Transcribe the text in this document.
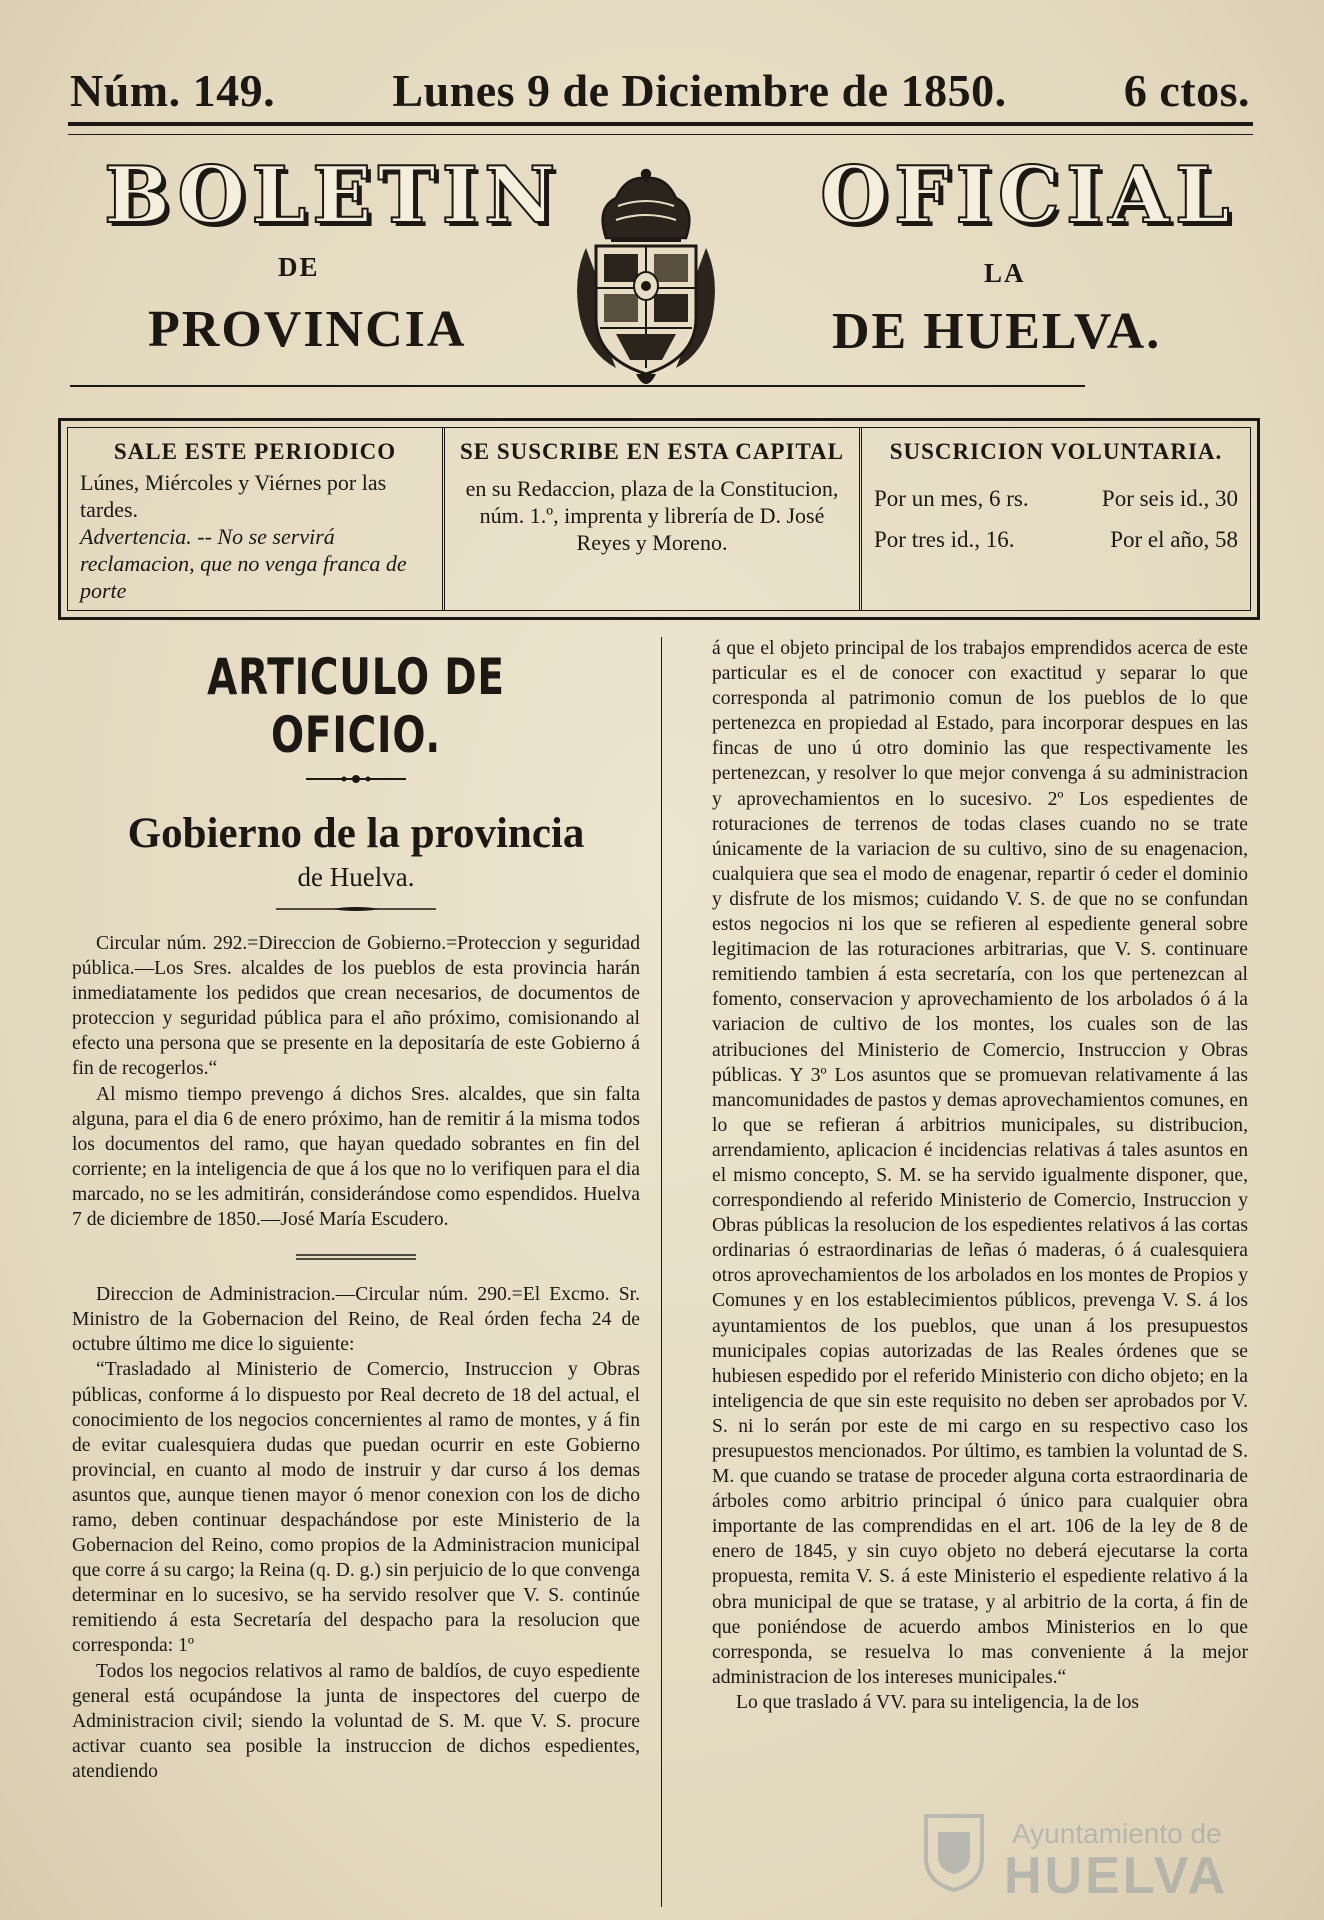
Núm. 149.	Lunes 9 de Diciembre de 1850.	6 ctos.
BOLETIN	OFICIAL
DE	LA
PROVINCIA	DE HUELVA.
SALE ESTE PERIODICO
Lúnes, Miércoles y Viérnes por las tardes.
Advertencia. -- No se servirá reclamacion, que no venga franca de porte
SE SUSCRIBE EN ESTA CAPITAL
en su Redaccion, plaza de la Constitucion, núm. 1.º, imprenta y librería de D. José Reyes y Moreno.
SUSCRICION VOLUNTARIA.
Por un mes, 6 rs.	Por seis id., 30
Por tres id., 16.	Por el año, 58
ARTICULO DE OFICIO.
Gobierno de la provincia
de Huelva.

Circular núm. 292.=Direccion de Gobierno.=Proteccion y seguridad pública.—Los Sres. alcaldes de los pueblos de esta provincia harán inmediatamente los pedidos que crean necesarios, de documentos de proteccion y seguridad pública para el año próximo, comisionando al efecto una persona que se presente en la depositaría de este Gobierno á fin de recogerlos.“

Al mismo tiempo prevengo á dichos Sres. alcaldes, que sin falta alguna, para el dia 6 de enero próximo, han de remitir á la misma todos los documentos del ramo, que hayan quedado sobrantes en fin del corriente; en la inteligencia de que á los que no lo verifiquen para el dia marcado, no se les admitirán, considerándose como espendidos. Huelva 7 de diciembre de 1850.—José María Escudero.

Direccion de Administracion.—Circular núm. 290.=El Excmo. Sr. Ministro de la Gobernacion del Reino, de Real órden fecha 24 de octubre último me dice lo siguiente:

“Trasladado al Ministerio de Comercio, Instruccion y Obras públicas, conforme á lo dispuesto por Real decreto de 18 del actual, el conocimiento de los negocios concernientes al ramo de montes, y á fin de evitar cualesquiera dudas que puedan ocurrir en este Gobierno provincial, en cuanto al modo de instruir y dar curso á los demas asuntos que, aunque tienen mayor ó menor conexion con los de dicho ramo, deben continuar despachándose por este Ministerio de la Gobernacion del Reino, como propios de la Administracion municipal que corre á su cargo; la Reina (q. D. g.) sin perjuicio de lo que convenga determinar en lo sucesivo, se ha servido resolver que V. S. continúe remitiendo á esta Secretaría del despacho para la resolucion que corresponda: 1º

Todos los negocios relativos al ramo de baldíos, de cuyo espediente general está ocupándose la junta de inspectores del cuerpo de Administracion civil; siendo la voluntad de S. M. que V. S. procure activar cuanto sea posible la instruccion de dichos espedientes, atendiendo

á que el objeto principal de los trabajos emprendidos acerca de este particular es el de conocer con exactitud y separar lo que corresponda al patrimonio comun de los pueblos de lo que pertenezca en propiedad al Estado, para incorporar despues en las fincas de uno ú otro dominio las que respectivamente les pertenezcan, y resolver lo que mejor convenga á su administracion y aprovechamientos en lo sucesivo. 2º Los espedientes de roturaciones de terrenos de todas clases cuando no se trate únicamente de la variacion de su cultivo, sino de su enagenacion, cualquiera que sea el modo de enagenar, repartir ó ceder el dominio y disfrute de los mismos; cuidando V. S. de que no se confundan estos negocios ni los que se refieren al espediente general sobre legitimacion de las roturaciones arbitrarias, que V. S. continuare remitiendo tambien á esta secretaría, con los que pertenezcan al fomento, conservacion y aprovechamiento de los arbolados ó á la variacion de cultivo de los montes, los cuales son de las atribuciones del Ministerio de Comercio, Instruccion y Obras públicas. Y 3º Los asuntos que se promuevan relativamente á las mancomunidades de pastos y demas aprovechamientos comunes, en lo que se refieran á arbitrios municipales, su distribucion, arrendamiento, aplicacion é incidencias relativas á tales asuntos en el mismo concepto, S. M. se ha servido igualmente disponer, que, correspondiendo al referido Ministerio de Comercio, Instruccion y Obras públicas la resolucion de los espedientes relativos á las cortas ordinarias ó estraordinarias de leñas ó maderas, ó á cualesquiera otros aprovechamientos de los arbolados en los montes de Propios y Comunes y en los establecimientos públicos, prevenga V. S. á los ayuntamientos de los pueblos, que unan á los presupuestos municipales copias autorizadas de las Reales órdenes que se hubiesen espedido por el referido Ministerio con dicho objeto; en la inteligencia de que sin este requisito no deben ser aprobados por V. S. ni lo serán por este de mi cargo en su respectivo caso los presupuestos mencionados. Por último, es tambien la voluntad de S. M. que cuando se tratase de proceder alguna corta estraordinaria de árboles como arbitrio principal ó único para cualquier obra importante de las comprendidas en el art. 106 de la ley de 8 de enero de 1845, y sin cuyo objeto no deberá ejecutarse la corta propuesta, remita V. S. á este Ministerio el espediente relativo á la obra municipal de que se tratase, y al arbitrio de la corta, á fin de que poniéndose de acuerdo ambos Ministerios en lo que corresponda, se resuelva lo mas conveniente á la mejor administracion de los intereses municipales.“

Lo que traslado á VV. para su inteligencia, la de los

Ayuntamiento de
HUELVA
